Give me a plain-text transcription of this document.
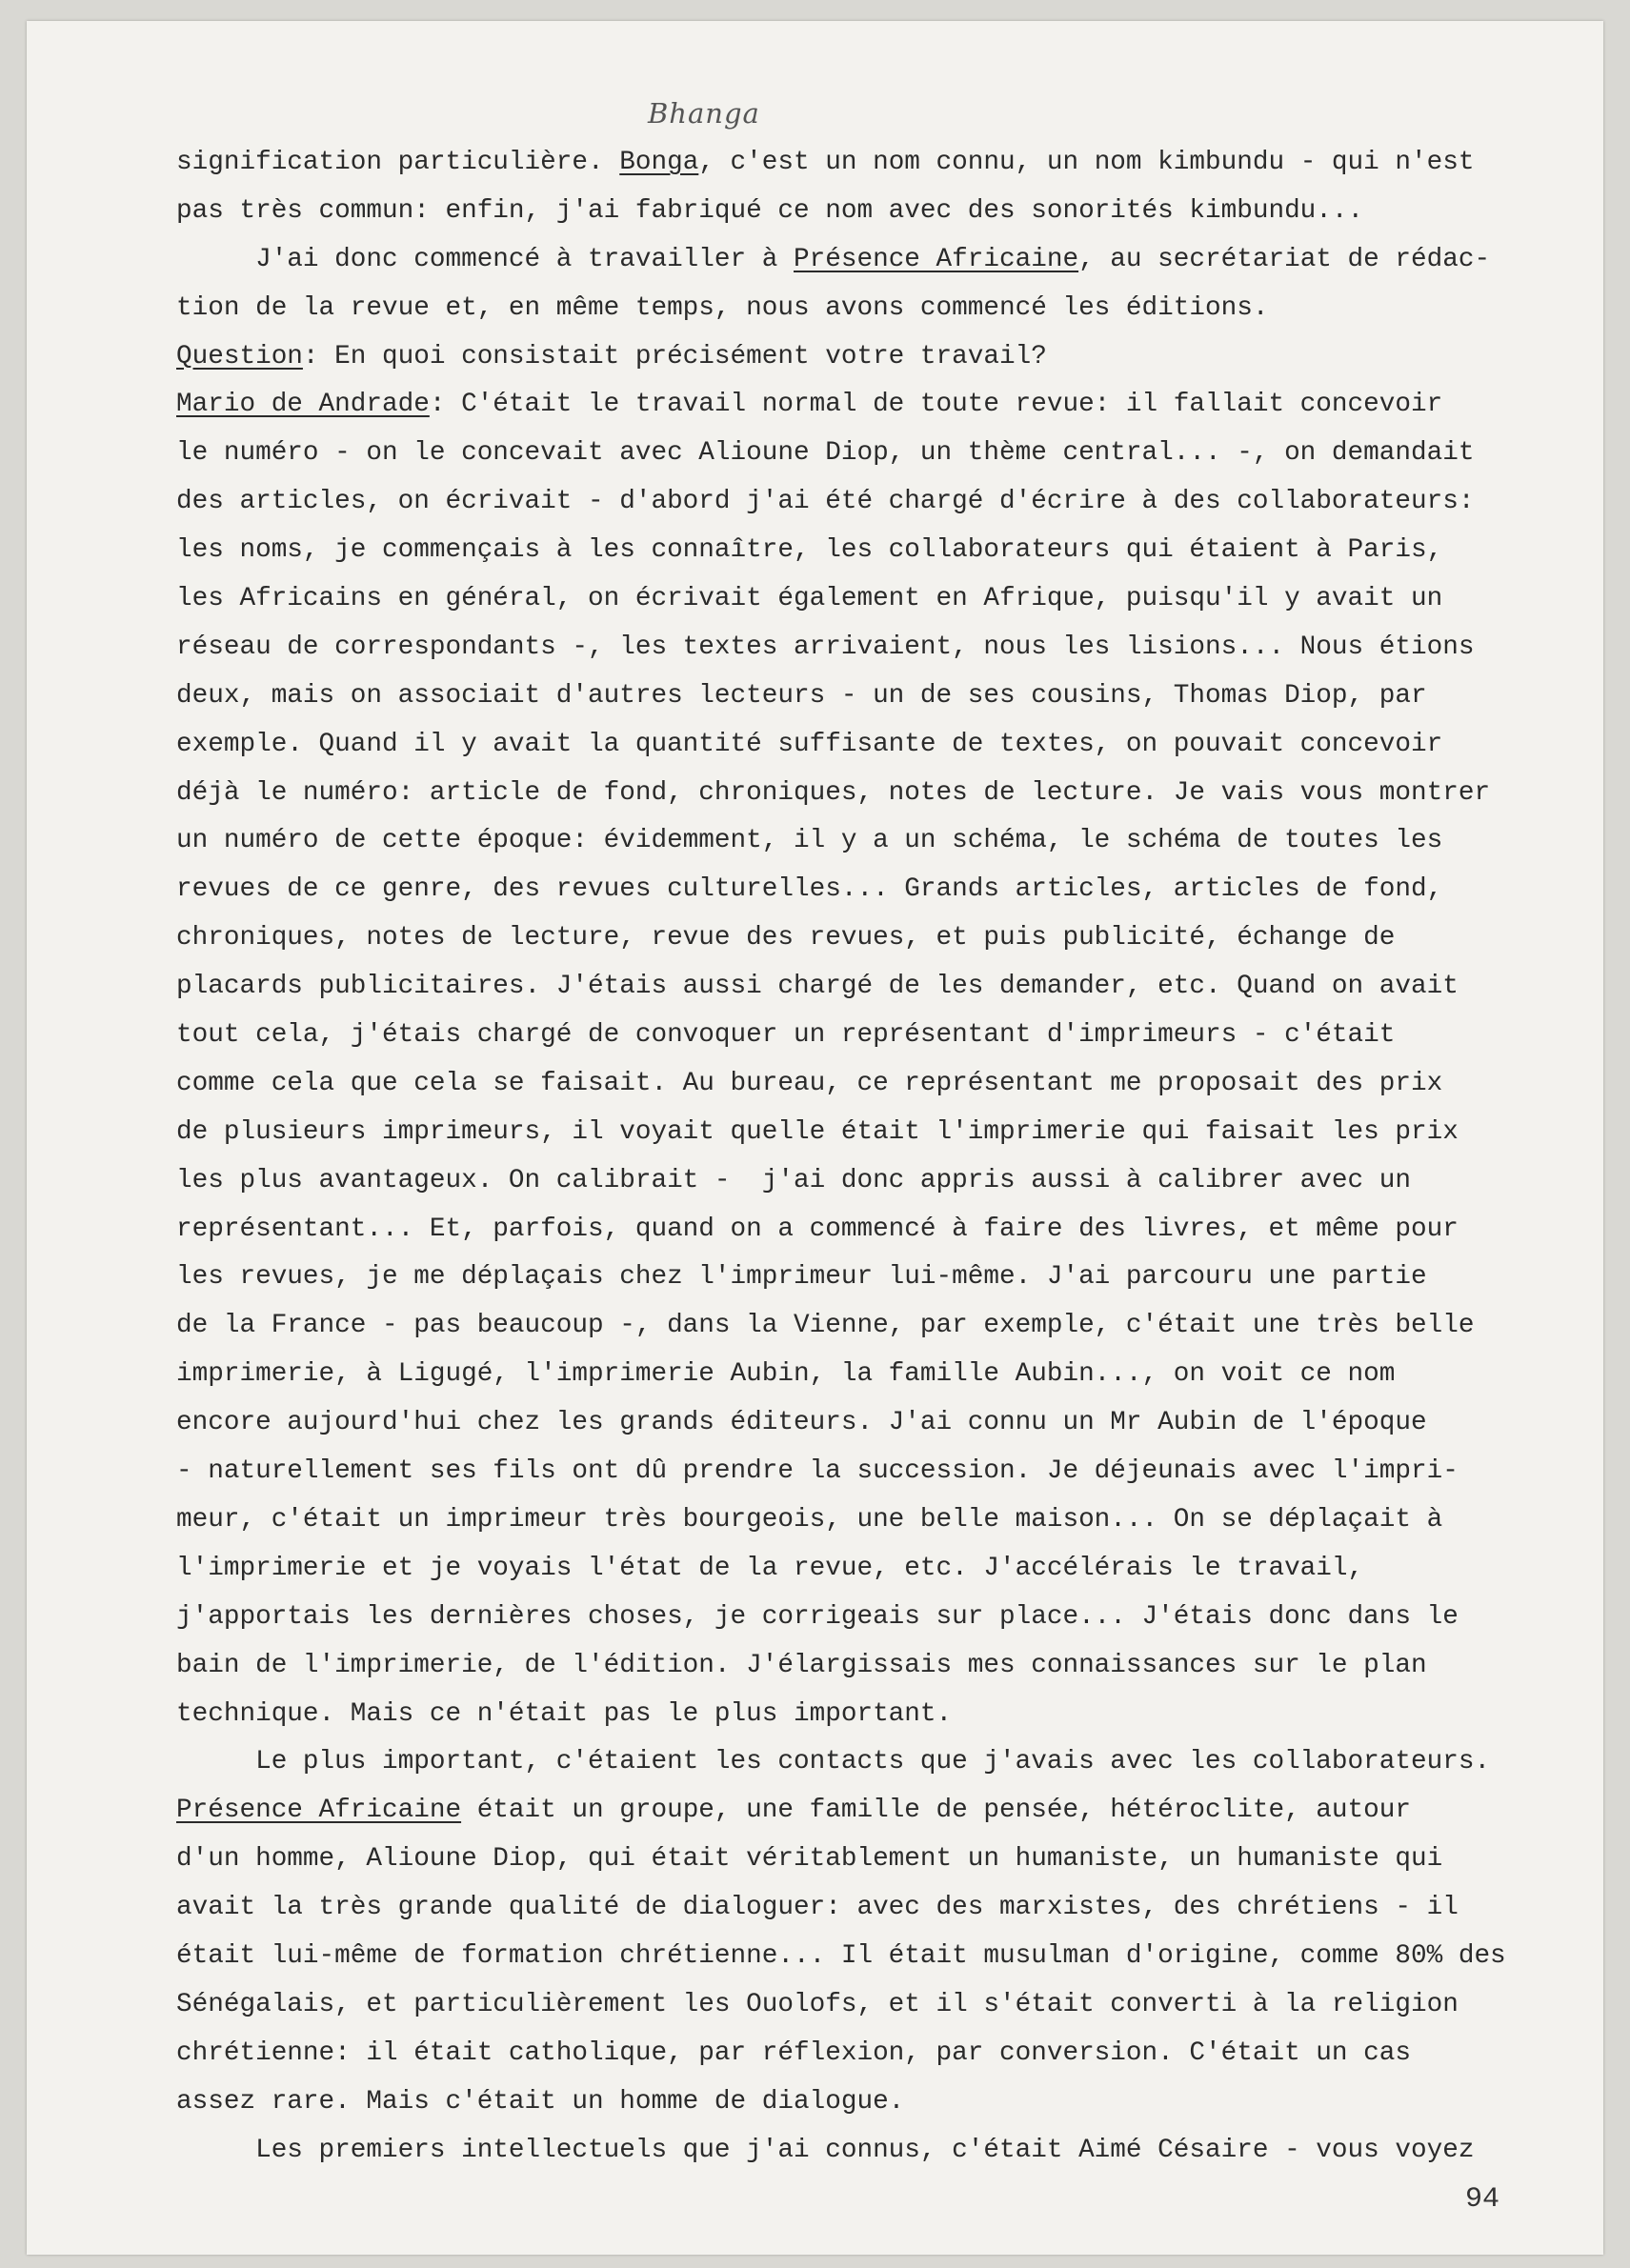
Bhanga
signification particulière. Bonga, c'est un nom connu, un nom kimbundu - qui n'est
pas très commun: enfin, j'ai fabriqué ce nom avec des sonorités kimbundu...
J'ai donc commencé à travailler à Présence Africaine, au secrétariat de rédac-
tion de la revue et, en même temps, nous avons commencé les éditions.
Question: En quoi consistait précisément votre travail?
Mario de Andrade: C'était le travail normal de toute revue: il fallait concevoir
le numéro - on le concevait avec Alioune Diop, un thème central... -, on demandait
des articles, on écrivait - d'abord j'ai été chargé d'écrire à des collaborateurs:
les noms, je commençais à les connaître, les collaborateurs qui étaient à Paris,
les Africains en général, on écrivait également en Afrique, puisqu'il y avait un
réseau de correspondants -, les textes arrivaient, nous les lisions... Nous étions
deux, mais on associait d'autres lecteurs - un de ses cousins, Thomas Diop, par
exemple. Quand il y avait la quantité suffisante de textes, on pouvait concevoir
déjà le numéro: article de fond, chroniques, notes de lecture. Je vais vous montrer
un numéro de cette époque: évidemment, il y a un schéma, le schéma de toutes les
revues de ce genre, des revues culturelles... Grands articles, articles de fond,
chroniques, notes de lecture, revue des revues, et puis publicité, échange de
placards publicitaires. J'étais aussi chargé de les demander, etc. Quand on avait
tout cela, j'étais chargé de convoquer un représentant d'imprimeurs - c'était
comme cela que cela se faisait. Au bureau, ce représentant me proposait des prix
de plusieurs imprimeurs, il voyait quelle était l'imprimerie qui faisait les prix
les plus avantageux. On calibrait -  j'ai donc appris aussi à calibrer avec un
représentant... Et, parfois, quand on a commencé à faire des livres, et même pour
les revues, je me déplaçais chez l'imprimeur lui-même. J'ai parcouru une partie
de la France - pas beaucoup -, dans la Vienne, par exemple, c'était une très belle
imprimerie, à Ligugé, l'imprimerie Aubin, la famille Aubin..., on voit ce nom
encore aujourd'hui chez les grands éditeurs. J'ai connu un Mr Aubin de l'époque
- naturellement ses fils ont dû prendre la succession. Je déjeunais avec l'impri-
meur, c'était un imprimeur très bourgeois, une belle maison... On se déplaçait à
l'imprimerie et je voyais l'état de la revue, etc. J'accélérais le travail,
j'apportais les dernières choses, je corrigeais sur place... J'étais donc dans le
bain de l'imprimerie, de l'édition. J'élargissais mes connaissances sur le plan
technique. Mais ce n'était pas le plus important.
Le plus important, c'étaient les contacts que j'avais avec les collaborateurs.
Présence Africaine était un groupe, une famille de pensée, hétéroclite, autour
d'un homme, Alioune Diop, qui était véritablement un humaniste, un humaniste qui
avait la très grande qualité de dialoguer: avec des marxistes, des chrétiens - il
était lui-même de formation chrétienne... Il était musulman d'origine, comme 80% des
Sénégalais, et particulièrement les Ouolofs, et il s'était converti à la religion
chrétienne: il était catholique, par réflexion, par conversion. C'était un cas
assez rare. Mais c'était un homme de dialogue.
Les premiers intellectuels que j'ai connus, c'était Aimé Césaire - vous voyez
94
